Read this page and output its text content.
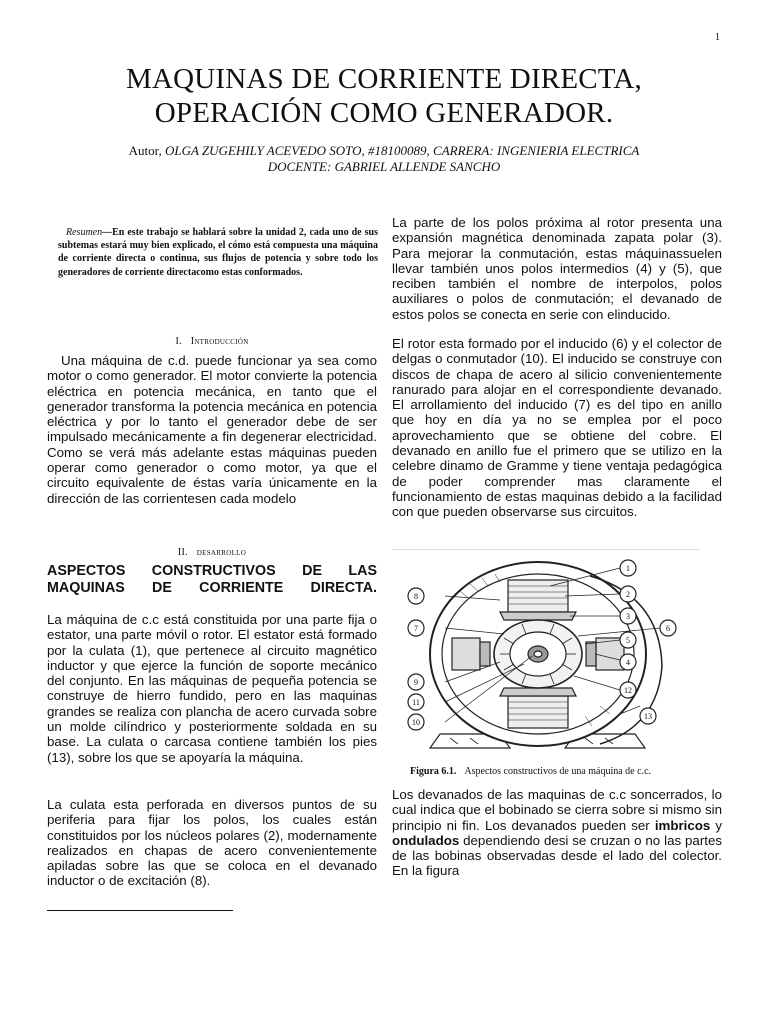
1
MAQUINAS DE CORRIENTE DIRECTA,
OPERACIÓN COMO GENERADOR.
Autor, OLGA ZUGEHILY ACEVEDO SOTO, #18100089, CARRERA: INGENIERIA ELECTRICA
DOCENTE: GABRIEL ALLENDE SANCHO
Resumen—En este trabajo se hablará sobre la unidad 2, cada uno de sus subtemas estará muy bien explicado, el cómo está compuesta una máquina de corriente directa o continua, sus flujos de potencia y sobre todo los generadores de corriente directacomo estas conformados.
I. Introducción
Una máquina de c.d. puede funcionar ya sea como motor o como generador. El motor convierte la potencia eléctrica en potencia mecánica, en tanto que el generador transforma la potencia mecánica en potencia eléctrica y por lo tanto el generador debe de ser impulsado mecánicamente a fin degenerar electricidad. Como se verá más adelante estas máquinas pueden operar como generador o como motor, ya que el circuito equivalente de éstas varía únicamente en la dirección de las corrientesen cada modelo
II. desarrollo
ASPECTOS CONSTRUCTIVOS DE LAS MAQUINAS DE CORRIENTE DIRECTA.
La máquina de c.c está constituida por una parte fija o estator, una parte móvil o rotor. El estator está formado por la culata (1), que pertenece al circuito magnético inductor y que ejerce la función de soporte mecánico del conjunto. En las máquinas de pequeña potencia se construye de hierro fundido, pero en las maquinas grandes se realiza con plancha de acero curvada sobre un molde cilíndrico y posteriormente soldada en su base. La culata o carcasa contiene también los pies (13), sobre los que se apoyaría la máquina.
La culata esta perforada en diversos puntos de su periferia para fijar los polos, los cuales están constituidos por los núcleos polares (2), modernamente realizados en chapas de acero convenientemente apiladas sobre las que se coloca en el devanado inductor o de excitación (8).
La parte de los polos próxima al rotor presenta una expansión magnética denominada zapata polar (3). Para mejorar la conmutación, estas máquinassuelen llevar también unos polos intermedios (4) y (5), que reciben también el nombre de interpolos, polos auxiliares o polos de conmutación; el devanado de estos polos se conecta en serie con elinducido.
El rotor esta formado por el inducido (6) y el colector de delgas o conmutador (10). El inducido se construye con discos de chapa de acero al silicio convenientemente ranurado para alojar en el correspondiente devanado. El arrollamiento del inducido (7) es del tipo en anillo que hoy en día ya no se emplea por el poco aprovechamiento que se obtiene del cobre. El devanado en anillo fue el primero que se utilizo en la celebre dinamo de Gramme y tiene ventaja pedagógica de poder comprender mas claramente el funcionamiento de estas maquinas debido a la facilidad con que pueden observarse sus circuitos.
1
2
3
4
5
6
7
8
9
10
11
12
13
Figura 6.1. Aspectos constructivos de una máquina de c.c.
Los devanados de las maquinas de c.c soncerrados, lo cual indica que el bobinado se cierra sobre si mismo sin principio ni fin. Los devanados pueden ser imbricos y ondulados dependiendo desi se cruzan o no las partes de las bobinas observadas desde el lado del colector. En la figura
